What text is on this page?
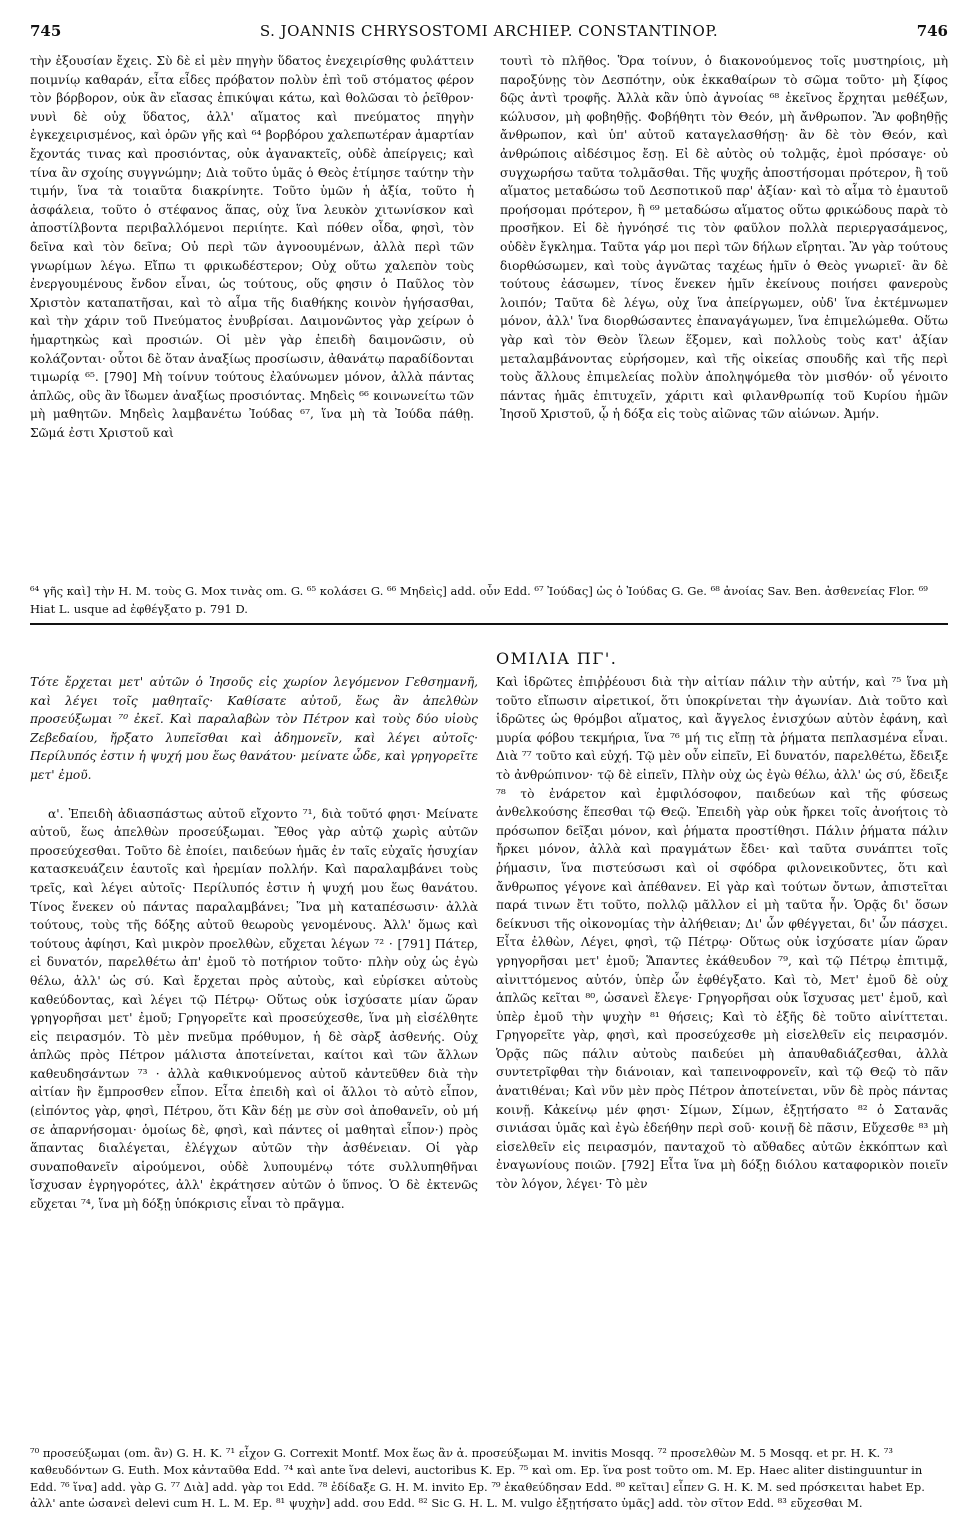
745	S. JOANNIS CHRYSOSTOMI ARCHIEP. CONSTANTINOP.	746

τὴν ἐξουσίαν ἔχεις. Σὺ δὲ εἰ μὲν πηγὴν ὕδατος ἐνεχειρίσθης φυλάττειν ποιμνίῳ καθαράν, εἶτα εἶδες πρόβατον πολὺν ἐπὶ τοῦ στόματος φέρον τὸν βόρβορον, οὐκ ἂν εἴασας ἐπικύψαι κάτω, καὶ θολῶσαι τὸ ῥεῖθρον· νυνὶ δὲ οὐχ ὕδατος, ἀλλ' αἵματος καὶ πνεύματος πηγὴν ἐγκεχειρισμένος, καὶ ὁρῶν γῆς καὶ ⁶⁴ βορβόρου χαλεπωτέραν ἁμαρτίαν ἔχοντάς τινας καὶ προσιόντας, οὐκ ἀγανακτεῖς, οὐδὲ ἀπείργεις; καὶ τίνα ἂν σχοίης συγγνώμην; Διὰ τοῦτο ὑμᾶς ὁ Θεὸς ἐτίμησε ταύτην τὴν τιμήν, ἵνα τὰ τοιαῦτα διακρίνητε. Τοῦτο ὑμῶν ἡ ἀξία, τοῦτο ἡ ἀσφάλεια, τοῦτο ὁ στέφανος ἅπας, οὐχ ἵνα λευκὸν χιτωνίσκον καὶ ἀποστίλβοντα περιβαλλόμενοι περιίητε. Καὶ πόθεν οἶδα, φησὶ, τὸν δεῖνα καὶ τὸν δεῖνα; Οὐ περὶ τῶν ἀγνοουμένων, ἀλλὰ περὶ τῶν γνωρίμων λέγω. Εἴπω τι φρικωδέστερον; Οὐχ οὕτω χαλεπὸν τοὺς ἐνεργουμένους ἔνδον εἶναι, ὡς τούτους, οὕς φησιν ὁ Παῦλος τὸν Χριστὸν καταπατῆσαι, καὶ τὸ αἷμα τῆς διαθήκης κοινὸν ἡγήσασθαι, καὶ τὴν χάριν τοῦ Πνεύματος ἐνυβρίσαι. Δαιμονῶντος γὰρ χείρων ὁ ἡμαρτηκὼς καὶ προσιών. Οἱ μὲν γὰρ ἐπειδὴ δαιμονῶσιν, οὐ κολάζονται· οὗτοι δὲ ὅταν ἀναξίως προσίωσιν, ἀθανάτῳ παραδίδονται τιμωρίᾳ ⁶⁵. [790] Μὴ τοίνυν τούτους ἐλαύνωμεν μόνον, ἀλλὰ πάντας ἁπλῶς, οὓς ἂν ἴδωμεν ἀναξίως προσιόντας. Μηδεὶς ⁶⁶ κοινωνείτω τῶν μὴ μαθητῶν. Μηδεὶς λαμβανέτω Ἰούδας ⁶⁷, ἵνα μὴ τὰ Ἰούδα πάθῃ. Σῶμά ἐστι Χριστοῦ καὶ

τουτὶ τὸ πλῆθος. Ὅρα τοίνυν, ὁ διακονούμενος τοῖς μυστηρίοις, μὴ παροξύνῃς τὸν Δεσπότην, οὐκ ἐκκαθαίρων τὸ σῶμα τοῦτο· μὴ ξίφος δῷς ἀντὶ τροφῆς. Ἀλλὰ κἂν ὑπὸ ἀγνοίας ⁶⁸ ἐκεῖνος ἔρχηται μεθέξων, κώλυσον, μὴ φοβηθῇς. Φοβήθητι τὸν Θεόν, μὴ ἄνθρωπον. Ἂν φοβηθῇς ἄνθρωπον, καὶ ὑπ' αὐτοῦ καταγελασθήσῃ· ἂν δὲ τὸν Θεόν, καὶ ἀνθρώποις αἰδέσιμος ἔσῃ. Εἰ δὲ αὐτὸς οὐ τολμᾷς, ἐμοὶ πρόσαγε· οὐ συγχωρήσω ταῦτα τολμᾶσθαι. Τῆς ψυχῆς ἀποστήσομαι πρότερον, ἢ τοῦ αἵματος μεταδώσω τοῦ Δεσποτικοῦ παρ' ἀξίαν· καὶ τὸ αἷμα τὸ ἐμαυτοῦ προήσομαι πρότερον, ἢ ⁶⁹ μεταδώσω αἵματος οὕτω φρικώδους παρὰ τὸ προσῆκον. Εἰ δὲ ἠγνόησέ τις τὸν φαῦλον πολλὰ περιεργασάμενος, οὐδὲν ἔγκλημα. Ταῦτα γάρ μοι περὶ τῶν δήλων εἴρηται. Ἂν γὰρ τούτους διορθώσωμεν, καὶ τοὺς ἀγνῶτας ταχέως ἡμῖν ὁ Θεὸς γνωριεῖ· ἂν δὲ τούτους ἐάσωμεν, τίνος ἕνεκεν ἡμῖν ἐκείνους ποιήσει φανεροὺς λοιπόν; Ταῦτα δὲ λέγω, οὐχ ἵνα ἀπείργωμεν, οὐδ' ἵνα ἐκτέμνωμεν μόνον, ἀλλ' ἵνα διορθώσαντες ἐπαναγάγωμεν, ἵνα ἐπιμελώμεθα. Οὕτω γὰρ καὶ τὸν Θεὸν ἵλεων ἕξομεν, καὶ πολλοὺς τοὺς κατ' ἀξίαν μεταλαμβάνοντας εὑρήσομεν, καὶ τῆς οἰκείας σπουδῆς καὶ τῆς περὶ τοὺς ἄλλους ἐπιμελείας πολὺν ἀποληψόμεθα τὸν μισθόν· οὗ γένοιτο πάντας ἡμᾶς ἐπιτυχεῖν, χάριτι καὶ φιλανθρωπίᾳ τοῦ Κυρίου ἡμῶν Ἰησοῦ Χριστοῦ, ᾧ ἡ δόξα εἰς τοὺς αἰῶνας τῶν αἰώνων. Ἀμήν.

⁶⁴ γῆς καὶ] τὴν H. M. τοὺς G. Mox τινὰς om. G. ⁶⁵ κολάσει G. ⁶⁶ Μηδεὶς] add. οὖν Edd. ⁶⁷ Ἰούδας] ὡς ὁ Ἰούδας G. Ge. ⁶⁸ ἀνοίας Sav. Ben. ἀσθενείας Flor. ⁶⁹ Hiat L. usque ad ἐφθέγξατο p. 791 D.
ΟΜΙΛΙΑ ΠΓ'.

Τότε ἔρχεται μετ' αὐτῶν ὁ Ἰησοῦς εἰς χωρίον λεγόμενον Γεθσημανῆ, καὶ λέγει τοῖς μαθηταῖς· Καθίσατε αὐτοῦ, ἕως ἂν ἀπελθὼν προσεύξωμαι ⁷⁰ ἐκεῖ. Καὶ παραλαβὼν τὸν Πέτρον καὶ τοὺς δύο υἱοὺς Ζεβεδαίου, ἤρξατο λυπεῖσθαι καὶ ἀδημονεῖν, καὶ λέγει αὐτοῖς· Περίλυπός ἐστιν ἡ ψυχή μου ἕως θανάτου· μείνατε ὧδε, καὶ γρηγορεῖτε μετ' ἐμοῦ.

α'. Ἐπειδὴ ἀδιασπάστως αὐτοῦ εἴχοντο ⁷¹, διὰ τοῦτό φησι· Μείνατε αὐτοῦ, ἕως ἀπελθὼν προσεύξωμαι. Ἔθος γὰρ αὐτῷ χωρὶς αὐτῶν προσεύχεσθαι. Τοῦτο δὲ ἐποίει, παιδεύων ἡμᾶς ἐν ταῖς εὐχαῖς ἡσυχίαν κατασκευάζειν ἑαυτοῖς καὶ ἠρεμίαν πολλήν. Καὶ παραλαμβάνει τοὺς τρεῖς, καὶ λέγει αὐτοῖς· Περίλυπός ἐστιν ἡ ψυχή μου ἕως θανάτου. Τίνος ἕνεκεν οὐ πάντας παραλαμβάνει; Ἵνα μὴ καταπέσωσιν· ἀλλὰ τούτους, τοὺς τῆς δόξης αὐτοῦ θεωροὺς γενομένους. Ἀλλ' ὅμως καὶ τούτους ἀφίησι, Καὶ μικρὸν προελθὼν, εὔχεται λέγων ⁷² · [791] Πάτερ, εἰ δυνατόν, παρελθέτω ἀπ' ἐμοῦ τὸ ποτήριον τοῦτο· πλὴν οὐχ ὡς ἐγὼ θέλω, ἀλλ' ὡς σύ. Καὶ ἔρχεται πρὸς αὐτοὺς, καὶ εὑρίσκει αὐτοὺς καθεύδοντας, καὶ λέγει τῷ Πέτρῳ· Οὕτως οὐκ ἰσχύσατε μίαν ὥραν γρηγορῆσαι μετ' ἐμοῦ; Γρηγορεῖτε καὶ προσεύχεσθε, ἵνα μὴ εἰσέλθητε εἰς πειρασμόν. Τὸ μὲν πνεῦμα πρόθυμον, ἡ δὲ σὰρξ ἀσθενής. Οὐχ ἁπλῶς πρὸς Πέτρον μάλιστα ἀποτείνεται, καίτοι καὶ τῶν ἄλλων καθευδησάντων ⁷³ · ἀλλὰ καθικνούμενος αὐτοῦ κἀντεῦθεν διὰ τὴν αἰτίαν ἣν ἔμπροσθεν εἶπον. Εἶτα ἐπειδὴ καὶ οἱ ἄλλοι τὸ αὐτὸ εἶπον, (εἰπόντος γὰρ, φησὶ, Πέτρου, ὅτι Κἂν δέῃ με σὺν σοὶ ἀποθανεῖν, οὐ μή σε ἀπαρνήσομαι· ὁμοίως δὲ, φησὶ, καὶ πάντες οἱ μαθηταὶ εἶπον·) πρὸς ἅπαντας διαλέγεται, ἐλέγχων αὐτῶν τὴν ἀσθένειαν. Οἱ γὰρ συναποθανεῖν αἱρούμενοι, οὐδὲ λυπουμένῳ τότε συλλυπηθῆναι ἴσχυσαν ἐγρηγορότες, ἀλλ' ἐκράτησεν αὐτῶν ὁ ὕπνος. Ὁ δὲ ἐκτενῶς εὔχεται ⁷⁴, ἵνα μὴ δόξῃ ὑπόκρισις εἶναι τὸ πρᾶγμα.

Καὶ ἱδρῶτες ἐπιῤῥέουσι διὰ τὴν αἰτίαν πάλιν τὴν αὐτήν, καὶ ⁷⁵ ἵνα μὴ τοῦτο εἴπωσιν αἱρετικοί, ὅτι ὑποκρίνεται τὴν ἀγωνίαν. Διὰ τοῦτο καὶ ἱδρῶτες ὡς θρόμβοι αἵματος, καὶ ἄγγελος ἐνισχύων αὐτὸν ἐφάνη, καὶ μυρία φόβου τεκμήρια, ἵνα ⁷⁶ μή τις εἴπῃ τὰ ῥήματα πεπλασμένα εἶναι. Διὰ ⁷⁷ τοῦτο καὶ εὐχή. Τῷ μὲν οὖν εἰπεῖν, Εἰ δυνατόν, παρελθέτω, ἔδειξε τὸ ἀνθρώπινον· τῷ δὲ εἰπεῖν, Πλὴν οὐχ ὡς ἐγὼ θέλω, ἀλλ' ὡς σύ, ἔδειξε ⁷⁸ τὸ ἐνάρετον καὶ ἐμφιλόσοφον, παιδεύων καὶ τῆς φύσεως ἀνθελκούσης ἕπεσθαι τῷ Θεῷ. Ἐπειδὴ γὰρ οὐκ ἤρκει τοῖς ἀνοήτοις τὸ πρόσωπον δεῖξαι μόνον, καὶ ῥήματα προστίθησι. Πάλιν ῥήματα πάλιν ἤρκει μόνον, ἀλλὰ καὶ πραγμάτων ἔδει· καὶ ταῦτα συνάπτει τοῖς ῥήμασιν, ἵνα πιστεύσωσι καὶ οἱ σφόδρα φιλονεικοῦντες, ὅτι καὶ ἄνθρωπος γέγονε καὶ ἀπέθανεν. Εἰ γὰρ καὶ τούτων ὄντων, ἀπιστεῖται παρά τινων ἔτι τοῦτο, πολλῷ μᾶλλον εἰ μὴ ταῦτα ἦν. Ὁρᾷς δι' ὅσων δείκνυσι τῆς οἰκονομίας τὴν ἀλήθειαν; Δι' ὧν φθέγγεται, δι' ὧν πάσχει. Εἶτα ἐλθὼν, Λέγει, φησὶ, τῷ Πέτρῳ· Οὕτως οὐκ ἰσχύσατε μίαν ὥραν γρηγορῆσαι μετ' ἐμοῦ; Ἅπαντες ἐκάθευδον ⁷⁹, καὶ τῷ Πέτρῳ ἐπιτιμᾷ, αἰνιττόμενος αὐτόν, ὑπὲρ ὧν ἐφθέγξατο. Καὶ τὸ, Μετ' ἐμοῦ δὲ οὐχ ἁπλῶς κεῖται ⁸⁰, ὡσανεὶ ἔλεγε· Γρηγορῆσαι οὐκ ἴσχυσας μετ' ἐμοῦ, καὶ ὑπὲρ ἐμοῦ τὴν ψυχὴν ⁸¹ θήσεις; Καὶ τὸ ἑξῆς δὲ τοῦτο αἰνίττεται. Γρηγορεῖτε γὰρ, φησὶ, καὶ προσεύχεσθε μὴ εἰσελθεῖν εἰς πειρασμόν. Ὁρᾷς πῶς πάλιν αὐτοὺς παιδεύει μὴ ἀπαυθαδιάζεσθαι, ἀλλὰ συντετρῖφθαι τὴν διάνοιαν, καὶ ταπεινοφρονεῖν, καὶ τῷ Θεῷ τὸ πᾶν ἀνατιθέναι; Καὶ νῦν μὲν πρὸς Πέτρον ἀποτείνεται, νῦν δὲ πρὸς πάντας κοινῇ. Κἀκείνῳ μέν φησι· Σίμων, Σίμων, ἐξῃτήσατο ⁸² ὁ Σατανᾶς σινιάσαι ὑμᾶς καὶ ἐγὼ ἐδεήθην περὶ σοῦ· κοινῇ δὲ πᾶσιν, Εὔχεσθε ⁸³ μὴ εἰσελθεῖν εἰς πειρασμόν, πανταχοῦ τὸ αὔθαδες αὐτῶν ἐκκόπτων καὶ ἐναγωνίους ποιῶν. [792] Εἶτα ἵνα μὴ δόξῃ διόλου καταφορικὸν ποιεῖν τὸν λόγον, λέγει· Τὸ μὲν

⁷⁰ προσεύξωμαι (om. ἂν) G. H. K. ⁷¹ εἶχον G. Correxit Montf. Mox ἕως ἂν ἀ. προσεύξωμαι M. invitis Mosqq. ⁷² προσελθὼν M. 5 Mosqq. et pr. H. K. ⁷³ καθευδόντων G. Euth. Mox κἀνταῦθα Edd. ⁷⁴ καὶ ante ἵνα delevi, auctoribus K. Ep. ⁷⁵ καὶ om. Ep. ἵνα post τοῦτο om. M. Ep. Haec aliter distinguuntur in Edd. ⁷⁶ ἵνα] add. γὰρ G. ⁷⁷ Διὰ] add. γὰρ τοι Edd. ⁷⁸ ἐδίδαξε G. H. M. invito Ep. ⁷⁹ ἐκαθεύδησαν Edd. ⁸⁰ κεῖται] εἶπεν G. H. K. M. sed πρόσκειται habet Ep. ἀλλ' ante ὡσανεὶ delevi cum H. L. M. Ep. ⁸¹ ψυχὴν] add. σου Edd. ⁸² Sic G. H. L. M. vulgo ἐξῃτήσατο ὑμᾶς] add. τὸν σῖτον Edd. ⁸³ εὔχεσθαι M.
